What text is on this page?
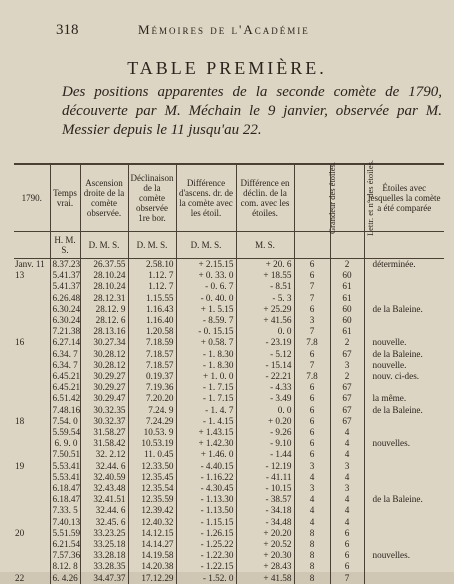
318	Mémoires de l'Académie
TABLE PREMIÈRE.
Des positions apparentes de la seconde comète de 1790, découverte par M. Méchain le 9 janvier, observée par M. Messier depuis le 11 jusqu'au 22.
1790.	Temps vrai.	Ascension droite de la comète observée.	Déclinaison de la comète observée 1re bor.	Différence d'ascens. dr. de la comète avec les étoil.	Différence en déclin. de la com. avec les étoiles.	Grandeur des étoiles.	Lettr. et n° des étoiles.	Étoiles avec lesquelles la comète a été comparée
	H. M. S.	D. M. S.	D. M. S.	D. M. S.	M. S.			
Janv. 11	8.37.23	26.37.55	2.58.10	+ 2.15.15	+ 20. 6	6	2	déterminée.
13	5.41.37	28.10.24	1.12. 7	+ 0. 33. 0	+ 18.55	6	60	
	5.41.37	28.10.24	1.12. 7	- 0. 6. 7	- 8.51	7	61	
	6.26.48	28.12.31	1.15.55	- 0. 40. 0	- 5. 3	7	61	
	6.30.24	28.12. 9	1.16.43	+ 1. 5.15	+ 25.29	6	60	de la Baleine.
	6.30.24	28.12. 6	1.16.40	- 8.59. 7	+ 41.56	3	60	
	7.21.38	28.13.16	1.20.58	- 0. 15.15	0. 0	7	61	
16	6.27.14	30.27.34	7.18.59	+ 0.58. 7	- 23.19	7.8	2	nouvelle.
	6.34. 7	30.28.12	7.18.57	- 1. 8.30	- 5.12	6	67	de la Baleine.
	6.34. 7	30.28.12	7.18.57	- 1. 8.30	- 15.14	7	3	nouvelle.
	6.45.21	30.29.27	0.19.37	+ 1. 0. 0	- 22.21	7.8	2	nouv. ci-des.
	6.45.21	30.29.27	7.19.36	- 1. 7.15	- 4.33	6	67	
	6.51.42	30.29.47	7.20.20	- 1. 7.15	- 3.49	6	67	la même.
	7.48.16	30.32.35	7.24. 9	- 1. 4. 7	0. 0	6	67	de la Baleine.
18	7.54. 0	30.32.37	7.24.29	- 1. 4.15	+ 0.20	6	67	
	5.59.54	31.58.27	10.53. 9	+ 1.43.15	- 9.26	6	4	
	6. 9. 0	31.58.42	10.53.19	+ 1.42.30	- 9.10	6	4	nouvelles.
	7.50.51	32. 2.12	11. 0.45	+ 1.46. 0	- 1.44	6	4	
19	5.53.41	32.44. 6	12.33.50	- 4.40.15	- 12.19	3	3	
	5.53.41	32.40.59	12.35.45	- 1.16.22	- 41.11	4	4	
	6.18.47	32.43.48	12.35.54	- 4.30.45	- 10.15	3	3	
	6.18.47	32.41.51	12.35.59	- 1.13.30	- 38.57	4	4	de la Baleine.
	7.33. 5	32.44. 6	12.39.42	- 1.13.50	- 34.18	4	4	
	7.40.13	32.45. 6	12.40.32	- 1.15.15	- 34.48	4	4	
20	5.51.59	33.23.25	14.12.15	- 1.26.15	+ 20.20	8	6	
	6.21.54	33.25.18	14.14.27	- 1.25.22	+ 20.52	8	6	
	7.57.36	33.28.18	14.19.58	- 1.22.30	+ 20.30	8	6	nouvelles.
	8.12. 8	33.28.35	14.20.38	- 1.22.15	+ 28.43	8	6	
22	6. 4.26	34.47.37	17.12.29	- 1.52. 0	+ 41.58	8	7	
